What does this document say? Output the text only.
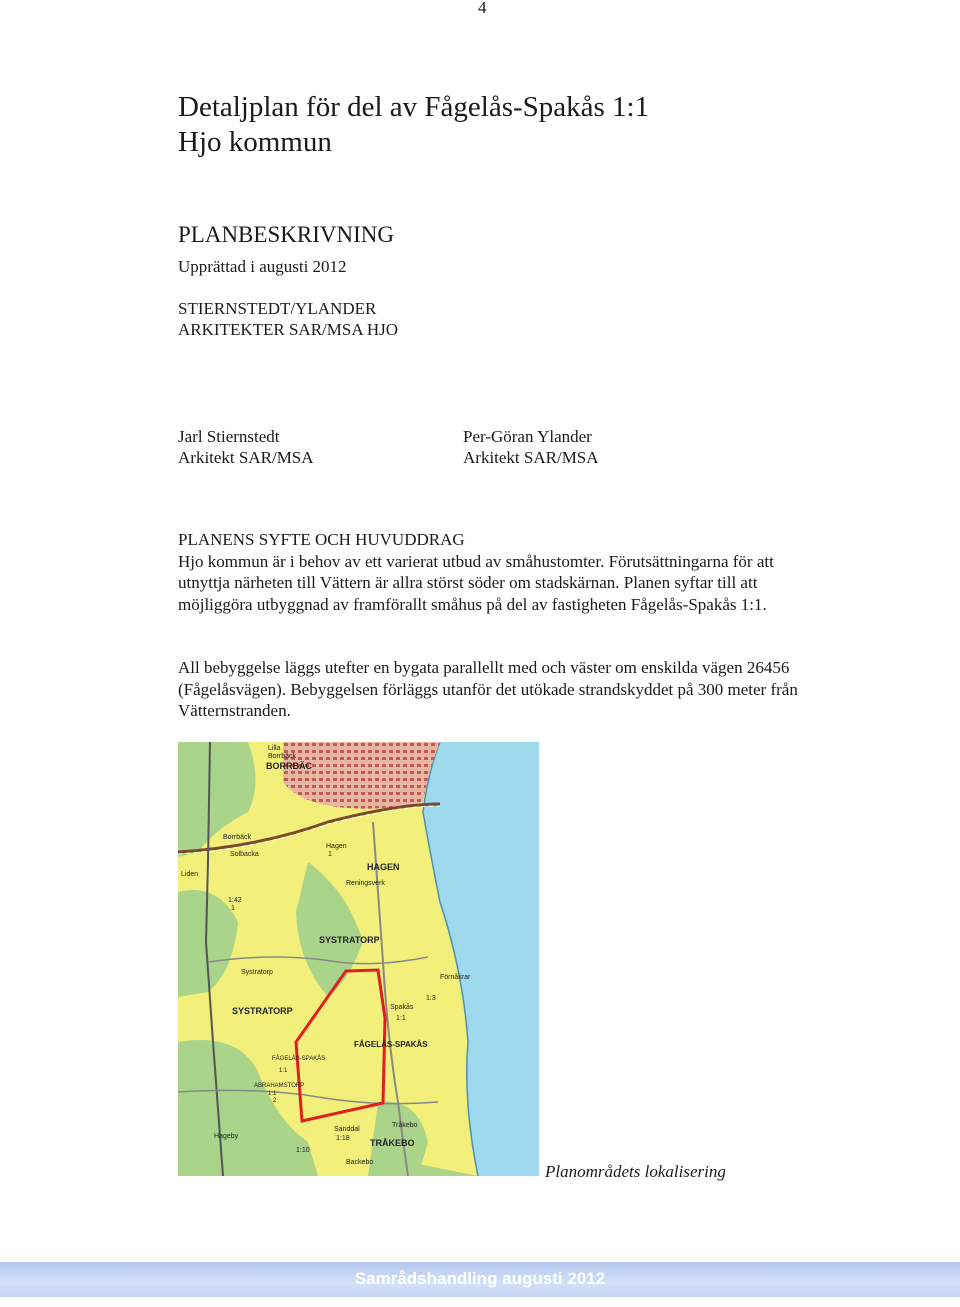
4
Detaljplan för del av Fågelås-Spakås 1:1
Hjo kommun
PLANBESKRIVNING
Upprättad i augusti 2012
STIERNSTEDT/YLANDER
ARKITEKTER SAR/MSA HJO
Jarl Stiernstedt
Arkitekt SAR/MSA
Per-Göran Ylander
Arkitekt SAR/MSA
PLANENS SYFTE OCH HUVUDDRAG
Hjo kommun är i behov av ett varierat utbud av småhustomter. Förutsättningarna för att utnyttja närheten till Vättern är allra störst söder om stadskärnan. Planen syftar till att möjliggöra utbyggnad av framförallt småhus på del av fastigheten Fågelås-Spakås 1:1.
All bebyggelse läggs utefter en bygata parallellt med och väster om enskilda vägen 26456 (Fågelåsvägen). Bebyggelsen förläggs utanför det utökade strandskyddet på 300 meter från Vätternstranden.
Lilla
Borrbäck
BORRBÄC
Borrbäck
Solbacka
Hagen
1
HAGEN
Reningsverk
Liden
1:42
1
SYSTRATORP
Systratorp
SYSTRATORP
Förnåkrar
1:3
Spakås
1:1
FÅGELÅS-SPAKÅS
FÅGELÅS-SPAKÅS
1:1
ABRAHAMSTORP
1:1
2
Hageby
Sanddal
1:18
Tråkebo
TRÅKEBO
Backebo
1:10
Planområdets lokalisering
Samrådshandling augusti 2012
